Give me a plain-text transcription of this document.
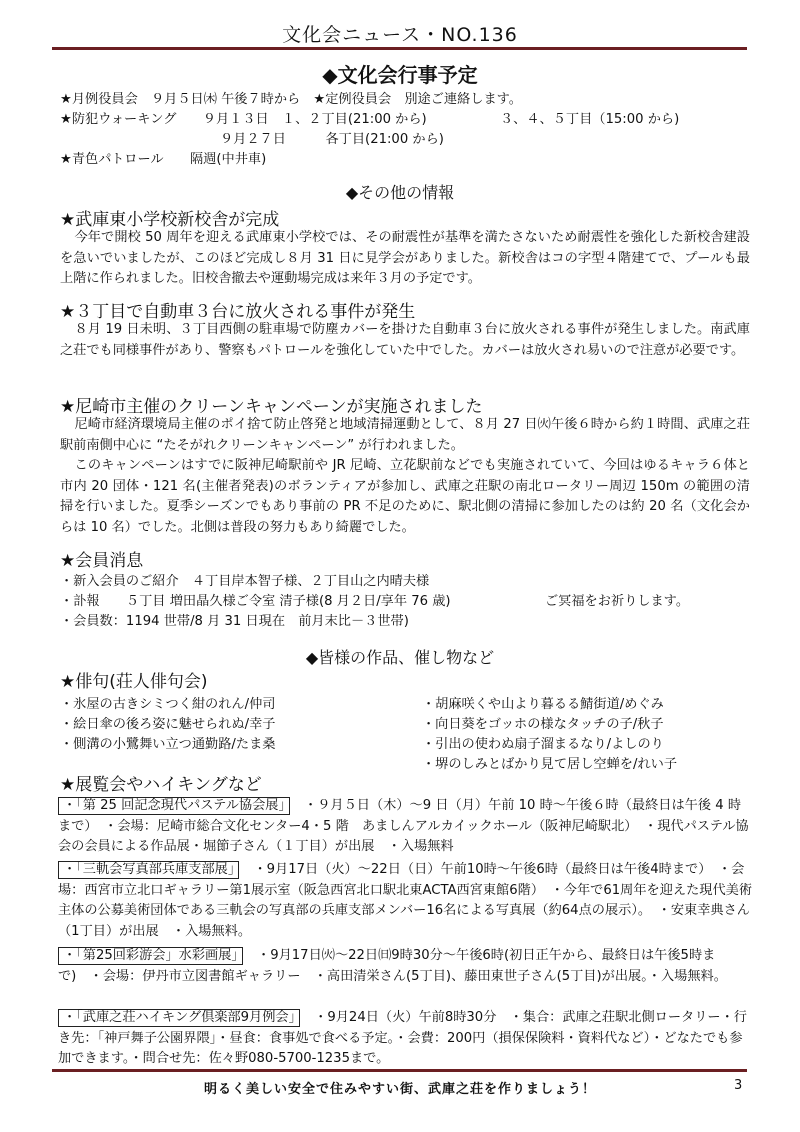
文化会ニュース・NO.136
◆文化会行事予定
★月例役員会　９月５日㈭ 午後７時から　★定例役員会　別途ご連絡します。
★防犯ウォーキング　　９月１３日　１、２丁目(21:00 から)	３、４、５丁目（15:00 から)
９月２７日　　　各丁目(21:00 から)
★青色パトロール　　隔週(中井車)
◆その他の情報
★武庫東小学校新校舎が完成
今年で開校 50 周年を迎える武庫東小学校では、その耐震性が基準を満たさないため耐震性を強化した新校舎建設を急いでいましたが、このほど完成し８月 31 日に見学会がありました。新校舎はコの字型４階建てで、プールも最上階に作られました。旧校舎撤去や運動場完成は来年３月の予定です。
★３丁目で自動車３台に放火される事件が発生
８月 19 日未明、３丁目西側の駐車場で防塵カバーを掛けた自動車３台に放火される事件が発生しました。南武庫之荘でも同様事件があり、警察もパトロールを強化していた中でした。カバーは放火され易いので注意が必要です。
★尼崎市主催のクリーンキャンペーンが実施されました
尼崎市経済環境局主催のポイ捨て防止啓発と地域清掃運動として、８月 27 日㈫午後６時から約１時間、武庫之荘駅前南側中心に “たそがれクリーンキャンペーン” が行われました。
このキャンペーンはすでに阪神尼崎駅前や JR 尼崎、立花駅前などでも実施されていて、今回はゆるキャラ６体と市内 20 団体・121 名(主催者発表)のボランティアが参加し、武庫之荘駅の南北ロータリー周辺 150m の範囲の清掃を行いました。夏季シーズンでもあり事前の PR 不足のために、駅北側の清掃に参加したのは約 20 名（文化会からは 10 名）でした。北側は普段の努力もあり綺麗でした。
★会員消息
・新入会員のご紹介　４丁目岸本智子様、２丁目山之内晴夫様
・訃報　　５丁目 増田晶久様ご令室 清子様(8 月２日/享年 76 歳)	ご冥福をお祈りします。
・会員数：1194 世帯/8 月 31 日現在　前月末比－３世帯)
◆皆様の作品、催し物など
★俳句(荘人俳句会)
・氷屋の古きシミつく紺のれん/仲司
・絵日傘の後ろ姿に魅せられぬ/幸子
・側溝の小鷺舞い立つ通勤路/たま桑
・胡麻咲くや山より暮るる鯖街道/めぐみ
・向日葵をゴッホの様なタッチの子/秋子
・引出の使わぬ扇子溜まるなり/よしのり
・堺のしみとばかり見て居し空蝉を/れい子
★展覧会やハイキングなど
・「第 25 回記念現代パステル協会展」 ・９月５日（木）～9 日（月）午前 10 時～午後６時（最終日は午後 4 時まで）　・会場：尼崎市総合文化センター4・5 階　あましんアルカイックホール（阪神尼崎駅北）　・現代パステル協会の会員による作品展・堀節子さん（１丁目）が出展　・入場無料
・「三軌会写真部兵庫支部展」 ・9月17日（火）～22日（日）午前10時～午後6時（最終日は午後4時まで）　・会場：西宮市立北口ギャラリー第1展示室（阪急西宮北口駅北東ACTA西宮東館6階）　・今年で61周年を迎えた現代美術主体の公募美術団体である三軌会の写真部の兵庫支部メンバー16名による写真展（約64点の展示）。　・安東幸典さん（1丁目）が出展　・入場無料。
・「第25回彩游会」水彩画展」 ・9月17日㈫～22日㈰9時30分～午後6時(初日正午から、最終日は午後5時まで)　・会場：伊丹市立図書館ギャラリー　・高田清栄さん(5丁目)、藤田東世子さん(5丁目)が出展。・入場無料。
・「武庫之荘ハイキング倶楽部9月例会」 ・9月24日（火）午前8時30分　・集合：武庫之荘駅北側ロータリー・行き先：「神戸舞子公園界隈」・昼食：食事処で食べる予定。・会費：200円（損保保険料・資料代など）・どなたでも参加できます。・問合せ先：佐々野080-5700-1235まで。
明るく美しい安全で住みやすい街、武庫之荘を作りましょう！	3
